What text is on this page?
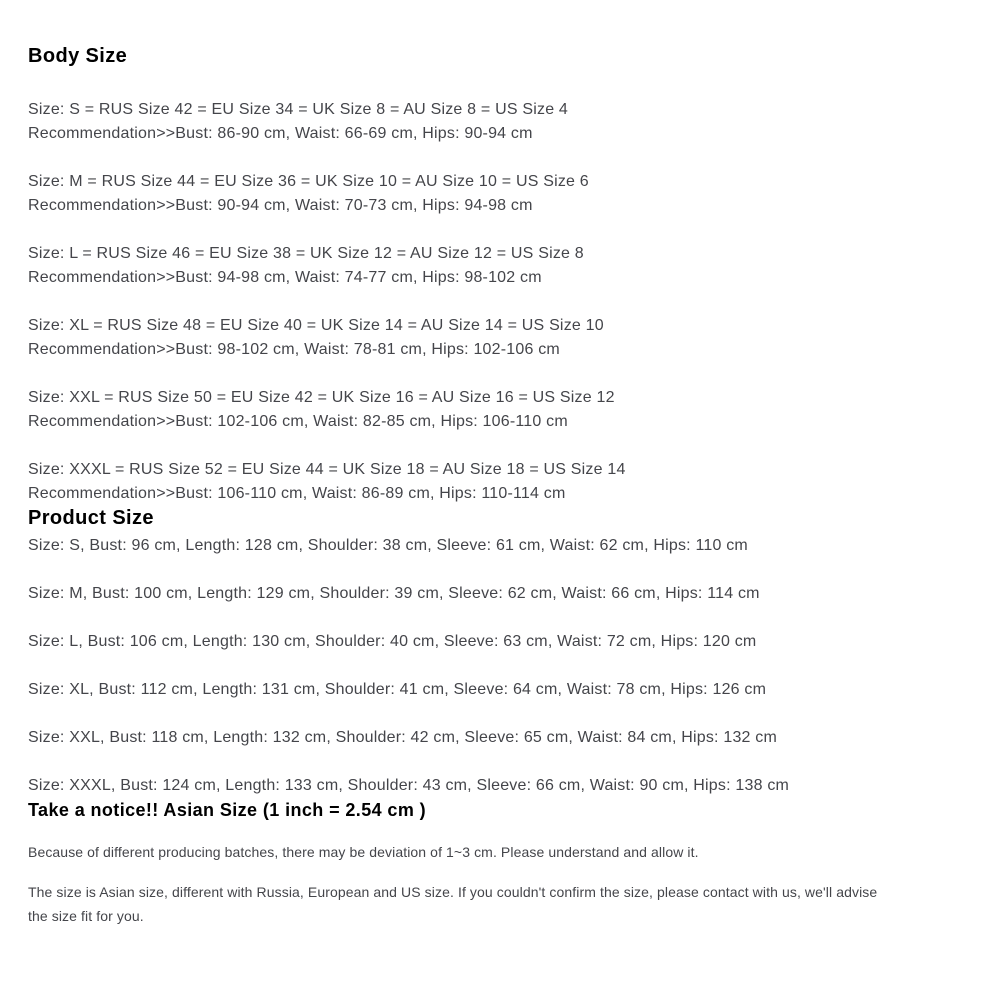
Body Size

Size: S = RUS Size 42 = EU Size 34 = UK Size 8 = AU Size 8 = US Size 4

Recommendation>>Bust: 86-90 cm, Waist: 66-69 cm, Hips: 90-94 cm

Size: M = RUS Size 44 = EU Size 36 = UK Size 10 = AU Size 10 = US Size 6

Recommendation>>Bust: 90-94 cm, Waist: 70-73 cm, Hips: 94-98 cm

Size: L = RUS Size 46 = EU Size 38 = UK Size 12 = AU Size 12 = US Size 8

Recommendation>>Bust: 94-98 cm, Waist: 74-77 cm, Hips: 98-102 cm

Size: XL = RUS Size 48 = EU Size 40 = UK Size 14 = AU Size 14 = US Size 10

Recommendation>>Bust: 98-102 cm, Waist: 78-81 cm, Hips: 102-106 cm

Size: XXL = RUS Size 50 = EU Size 42 = UK Size 16 = AU Size 16 = US Size 12

Recommendation>>Bust: 102-106 cm, Waist: 82-85 cm, Hips: 106-110 cm

Size: XXXL = RUS Size 52 = EU Size 44 = UK Size 18 = AU Size 18 = US Size 14

Recommendation>>Bust: 106-110 cm, Waist: 86-89 cm, Hips: 110-114 cm

Product Size

Size: S, Bust: 96 cm, Length: 128 cm, Shoulder: 38 cm, Sleeve: 61 cm, Waist: 62 cm, Hips: 110 cm

Size: M, Bust: 100 cm, Length: 129 cm, Shoulder: 39 cm, Sleeve: 62 cm, Waist: 66 cm, Hips: 114 cm

Size: L, Bust: 106 cm, Length: 130 cm, Shoulder: 40 cm, Sleeve: 63 cm, Waist: 72 cm, Hips: 120 cm

Size: XL, Bust: 112 cm, Length: 131 cm, Shoulder: 41 cm, Sleeve: 64 cm, Waist: 78 cm, Hips: 126 cm

Size: XXL, Bust: 118 cm, Length: 132 cm, Shoulder: 42 cm, Sleeve: 65 cm, Waist: 84 cm, Hips: 132 cm

Size: XXXL, Bust: 124 cm, Length: 133 cm, Shoulder: 43 cm, Sleeve: 66 cm, Waist: 90 cm, Hips: 138 cm

Take a notice!! Asian Size (1 inch = 2.54 cm )

Because of different producing batches, there may be deviation of 1~3 cm. Please understand and allow it.

The size is Asian size, different with Russia, European and US size. If you couldn't confirm the size, please contact with us, we'll advise the size fit for you.
